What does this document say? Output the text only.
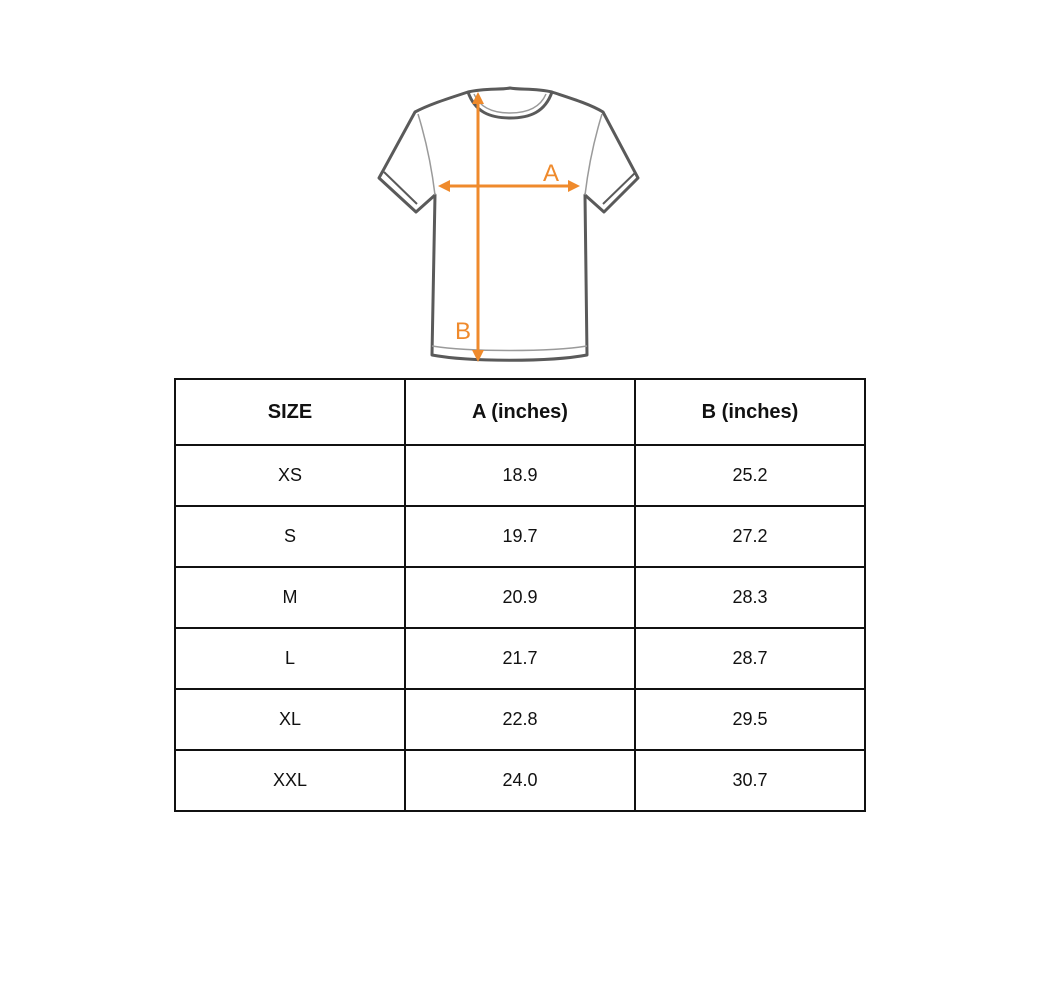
A
B
SIZE	A (inches)	B (inches)
XS	18.9	25.2
S	19.7	27.2
M	20.9	28.3
L	21.7	28.7
XL	22.8	29.5
XXL	24.0	30.7
